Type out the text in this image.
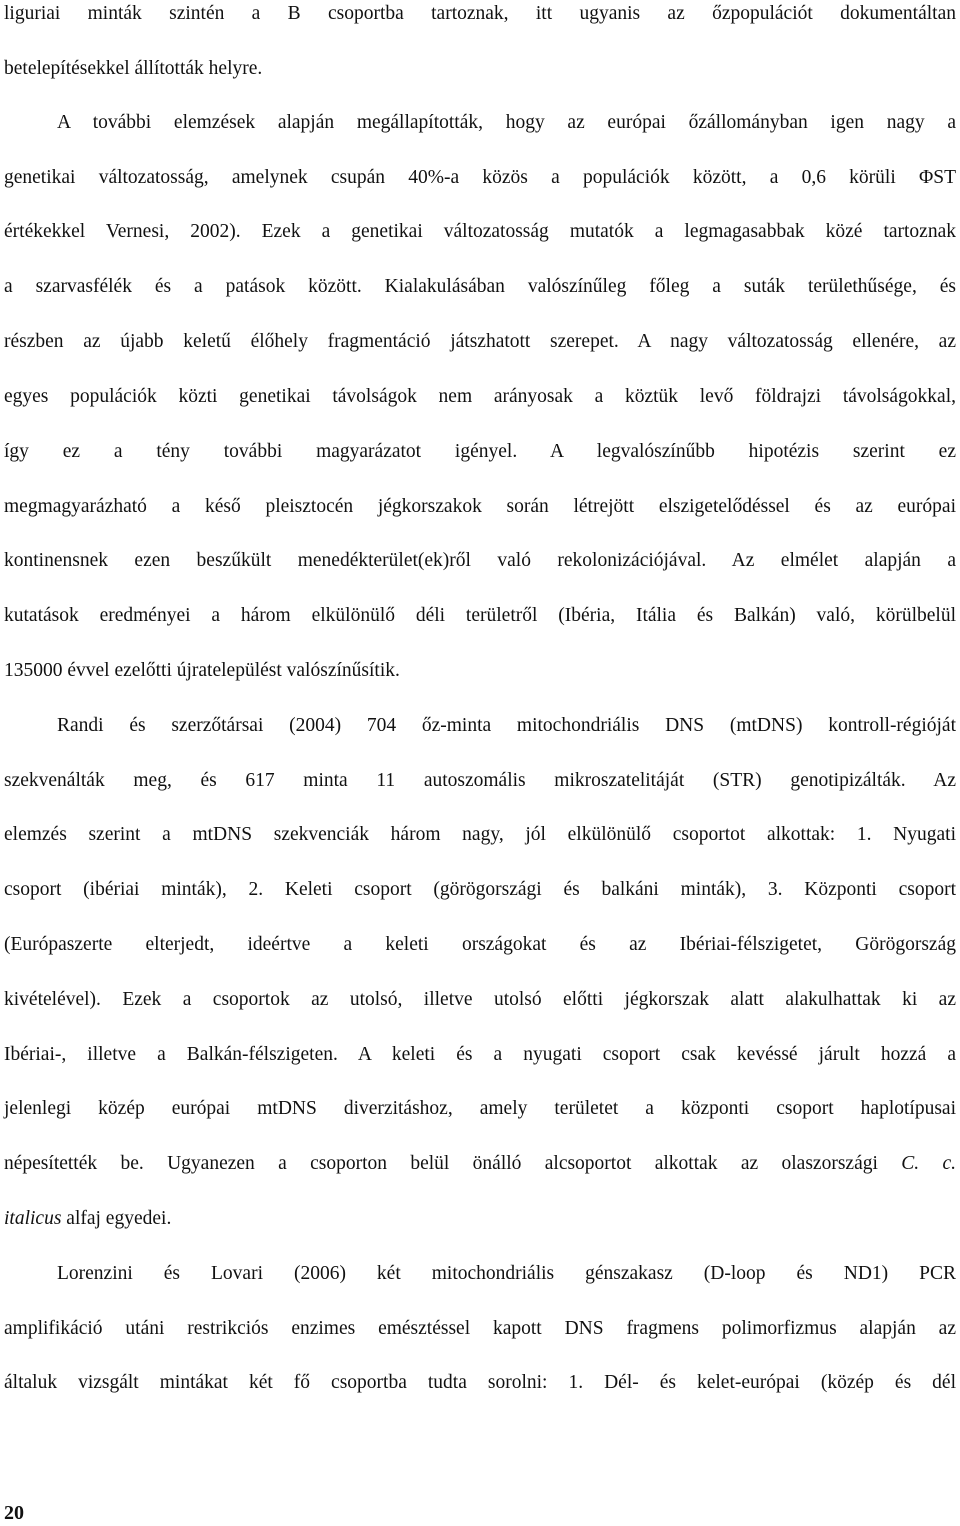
liguriai minták szintén a B csoportba tartoznak, itt ugyanis az őzpopulációt dokumentáltan
betelepítésekkel állították helyre.
A további elemzések alapján megállapították, hogy az európai őzállományban igen nagy a
genetikai változatosság, amelynek csupán 40%-a közös a populációk között, a 0,6 körüli ΦST
értékekkel Vernesi, 2002). Ezek a genetikai változatosság mutatók a legmagasabbak közé tartoznak
a szarvasfélék és a patások között. Kialakulásában valószínűleg főleg a suták területhűsége, és
részben az újabb keletű élőhely fragmentáció játszhatott szerepet. A nagy változatosság ellenére, az
egyes populációk közti genetikai távolságok nem arányosak a köztük levő földrajzi távolságokkal,
így ez a tény további magyarázatot igényel. A legvalószínűbb hipotézis szerint ez
megmagyarázható a késő pleisztocén jégkorszakok során létrejött elszigetelődéssel és az európai
kontinensnek ezen beszűkült menedékterület(ek)ről való rekolonizációjával. Az elmélet alapján a
kutatások eredményei a három elkülönülő déli területről (Ibéria, Itália és Balkán) való, körülbelül
135000 évvel ezelőtti újratelepülést valószínűsítik.
Randi és szerzőtársai (2004) 704 őz-minta mitochondriális DNS (mtDNS) kontroll-régióját
szekvenálták meg, és 617 minta 11 autoszomális mikroszatelitáját (STR) genotipizálták. Az
elemzés szerint a mtDNS szekvenciák három nagy, jól elkülönülő csoportot alkottak: 1. Nyugati
csoport (ibériai minták), 2. Keleti csoport (görögországi és balkáni minták), 3. Központi csoport
(Európaszerte elterjedt, ideértve a keleti országokat és az Ibériai-félszigetet, Görögország
kivételével). Ezek a csoportok az utolsó, illetve utolsó előtti jégkorszak alatt alakulhattak ki az
Ibériai-, illetve a Balkán-félszigeten. A keleti és a nyugati csoport csak kevéssé járult hozzá a
jelenlegi közép európai mtDNS diverzitáshoz, amely területet a központi csoport haplotípusai
népesítették be. Ugyanezen a csoporton belül önálló alcsoportot alkottak az olaszországi C. c.
italicus alfaj egyedei.
Lorenzini és Lovari (2006) két mitochondriális génszakasz (D-loop és ND1) PCR
amplifikáció utáni restrikciós enzimes emésztéssel kapott DNS fragmens polimorfizmus alapján az
általuk vizsgált mintákat két fő csoportba tudta sorolni: 1. Dél- és kelet-európai (közép és dél
20
